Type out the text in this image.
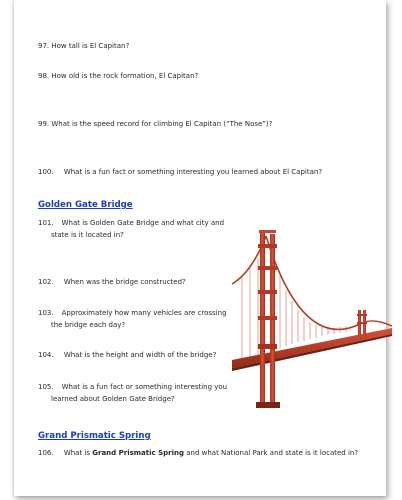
97. How tall is El Capitan?
98. How old is the rock formation, El Capitan?
99. What is the speed record for climbing El Capitan (“The Nose”)?
100. What is a fun fact or something interesting you learned about El Capitan?
Golden Gate Bridge
101. What is Golden Gate Bridge and what city and
state is it located in?
102. When was the bridge constructed?
103. Approximately how many vehicles are crossing
the bridge each day?
104. What is the height and width of the bridge?
105. What is a fun fact or something interesting you
learned about Golden Gate Bridge?
Grand Prismatic Spring
106. What is Grand Prismatic Spring and what National Park and state is it located in?
